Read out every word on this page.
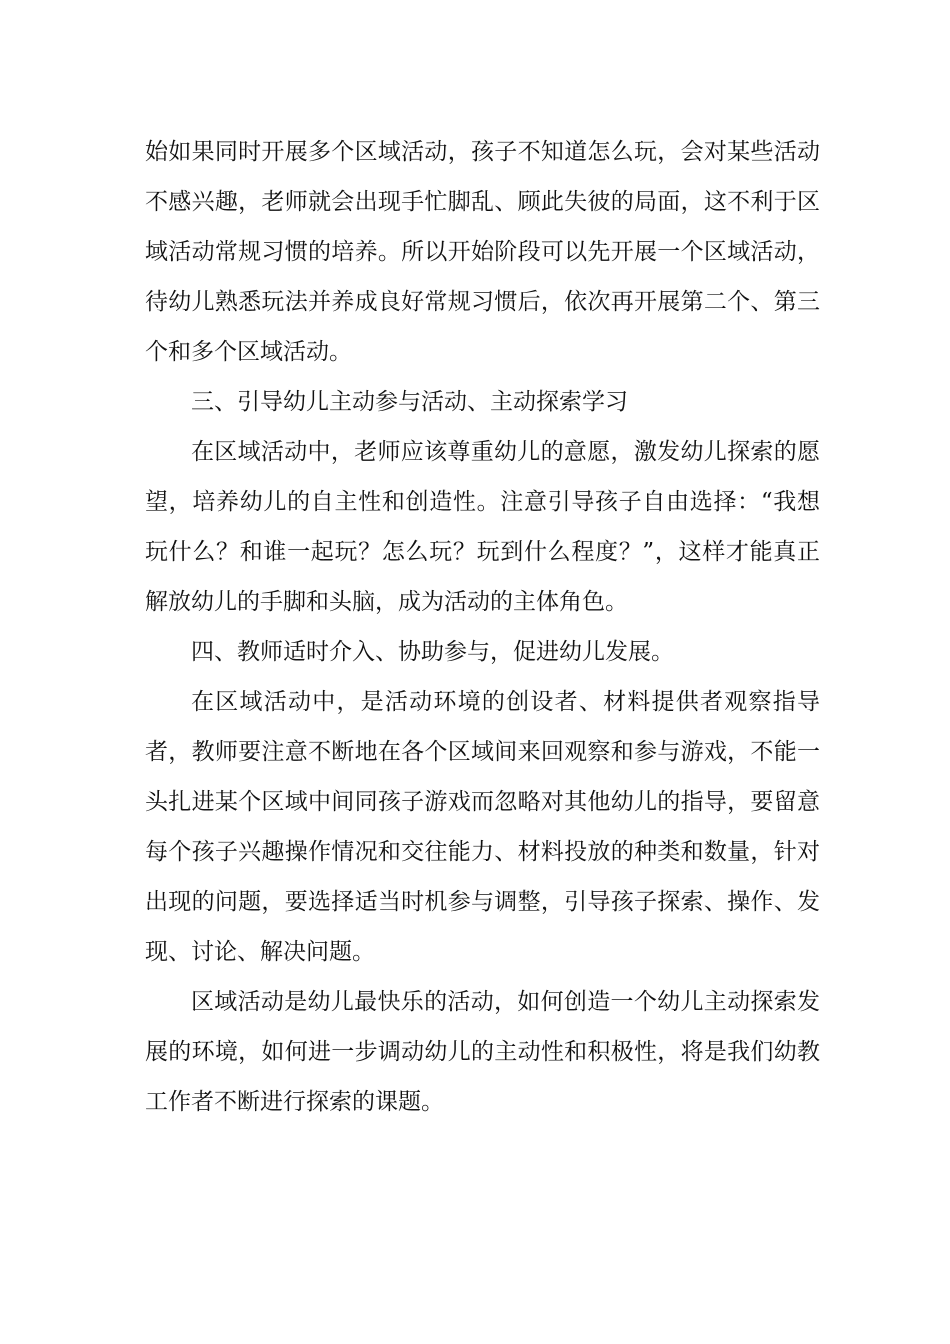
始如果同时开展多个区域活动，孩子不知道怎么玩，会对某些活动不感兴趣，老师就会出现手忙脚乱、顾此失彼的局面，这不利于区域活动常规习惯的培养。所以开始阶段可以先开展一个区域活动，待幼儿熟悉玩法并养成良好常规习惯后，依次再开展第二个、第三个和多个区域活动。

三、引导幼儿主动参与活动、主动探索学习

在区域活动中，老师应该尊重幼儿的意愿，激发幼儿探索的愿望，培养幼儿的自主性和创造性。注意引导孩子自由选择：“我想玩什么？和谁一起玩？怎么玩？玩到什么程度？”，这样才能真正解放幼儿的手脚和头脑，成为活动的主体角色。

四、教师适时介入、协助参与，促进幼儿发展。

在区域活动中，是活动环境的创设者、材料提供者观察指导者，教师要注意不断地在各个区域间来回观察和参与游戏，不能一头扎进某个区域中间同孩子游戏而忽略对其他幼儿的指导，要留意每个孩子兴趣操作情况和交往能力、材料投放的种类和数量，针对出现的问题，要选择适当时机参与调整，引导孩子探索、操作、发现、讨论、解决问题。

区域活动是幼儿最快乐的活动，如何创造一个幼儿主动探索发展的环境，如何进一步调动幼儿的主动性和积极性，将是我们幼教工作者不断进行探索的课题。
